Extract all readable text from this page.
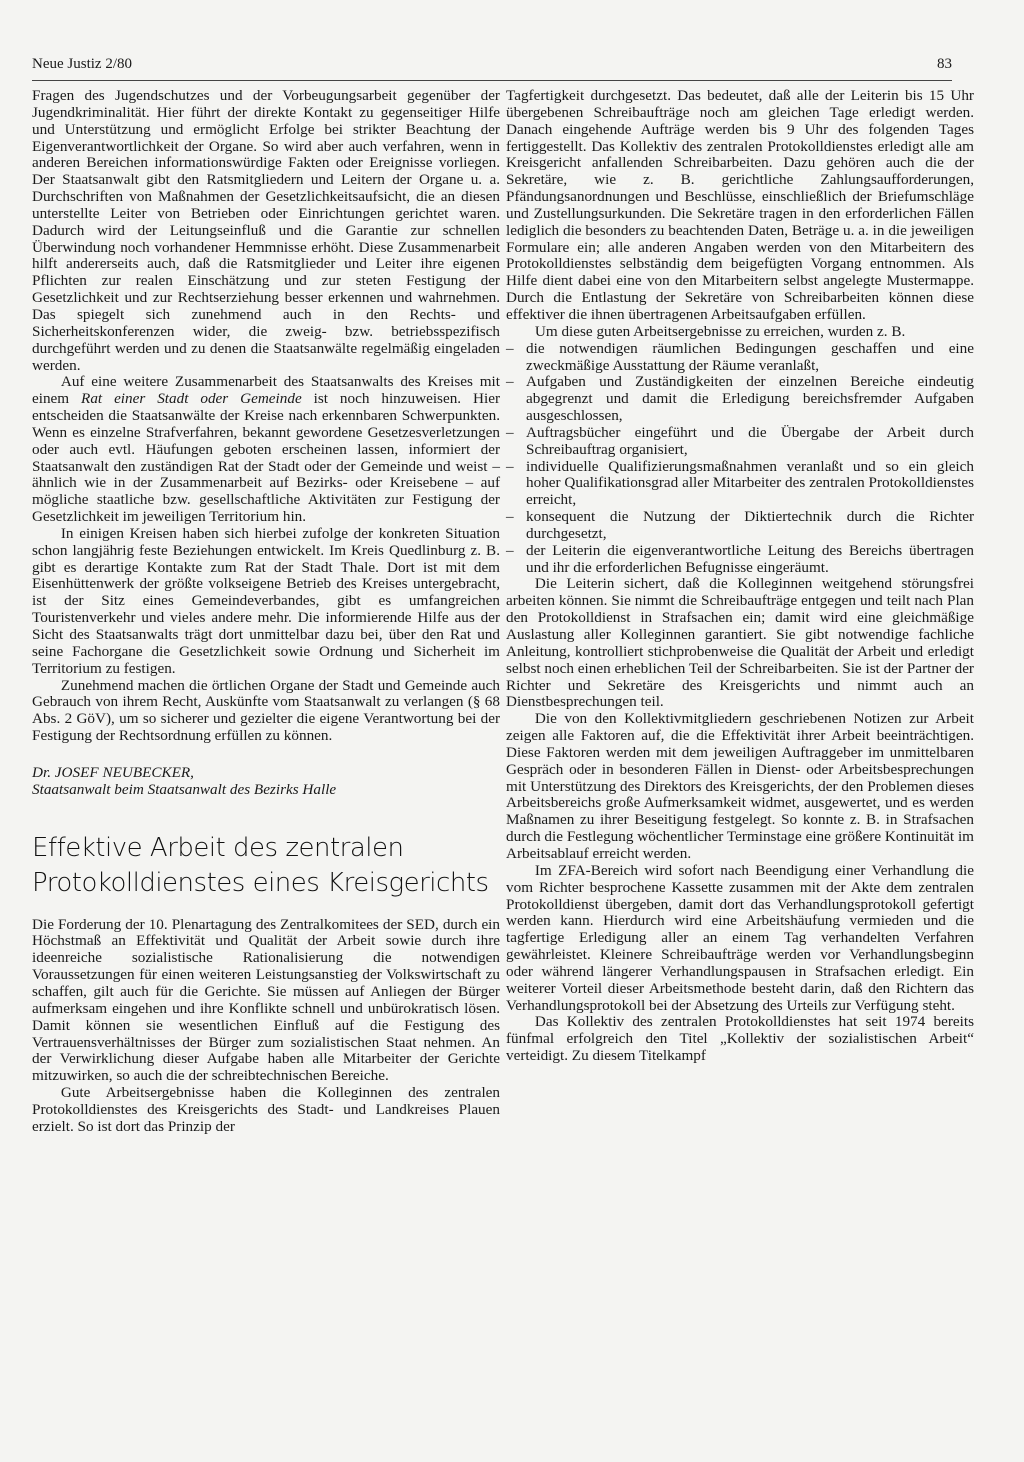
Neue Justiz 2/80	83

Fragen des Jugendschutzes und der Vorbeugungsarbeit gegenüber der Jugendkriminalität. Hier führt der direkte Kontakt zu gegenseitiger Hilfe und Unterstützung und ermöglicht Erfolge bei strikter Beachtung der Eigenverantwortlichkeit der Organe. So wird aber auch verfahren, wenn in anderen Bereichen informationswürdige Fakten oder Ereignisse vorliegen. Der Staatsanwalt gibt den Ratsmitgliedern und Leitern der Organe u. a. Durchschriften von Maßnahmen der Gesetzlichkeitsaufsicht, die an diesen unterstellte Leiter von Betrieben oder Einrichtungen gerichtet waren. Dadurch wird der Leitungseinfluß und die Garantie zur schnellen Überwindung noch vorhandener Hemmnisse erhöht. Diese Zusammenarbeit hilft andererseits auch, daß die Ratsmitglieder und Leiter ihre eigenen Pflichten zur realen Einschätzung und zur steten Festigung der Gesetzlichkeit und zur Rechtserziehung besser erkennen und wahrnehmen. Das spiegelt sich zunehmend auch in den Rechts- und Sicherheitskonferenzen wider, die zweig- bzw. betriebsspezifisch durchgeführt werden und zu denen die Staatsanwälte regelmäßig eingeladen werden.

Auf eine weitere Zusammenarbeit des Staatsanwalts des Kreises mit einem Rat einer Stadt oder Gemeinde ist noch hinzuweisen. Hier entscheiden die Staatsanwälte der Kreise nach erkennbaren Schwerpunkten. Wenn es einzelne Strafverfahren, bekannt gewordene Gesetzesverletzungen oder auch evtl. Häufungen geboten erscheinen lassen, informiert der Staatsanwalt den zuständigen Rat der Stadt oder der Gemeinde und weist – ähnlich wie in der Zusammenarbeit auf Bezirks- oder Kreisebene – auf mögliche staatliche bzw. gesellschaftliche Aktivitäten zur Festigung der Gesetzlichkeit im jeweiligen Territorium hin.

In einigen Kreisen haben sich hierbei zufolge der konkreten Situation schon langjährig feste Beziehungen entwickelt. Im Kreis Quedlinburg z. B. gibt es derartige Kontakte zum Rat der Stadt Thale. Dort ist mit dem Eisenhüttenwerk der größte volkseigene Betrieb des Kreises untergebracht, ist der Sitz eines Gemeindeverbandes, gibt es umfangreichen Touristenverkehr und vieles andere mehr. Die informierende Hilfe aus der Sicht des Staatsanwalts trägt dort unmittelbar dazu bei, über den Rat und seine Fachorgane die Gesetzlichkeit sowie Ordnung und Sicherheit im Territorium zu festigen.

Zunehmend machen die örtlichen Organe der Stadt und Gemeinde auch Gebrauch von ihrem Recht, Auskünfte vom Staatsanwalt zu verlangen (§ 68 Abs. 2 GöV), um so sicherer und gezielter die eigene Verantwortung bei der Festigung der Rechtsordnung erfüllen zu können.

Dr. JOSEF NEUBECKER,
Staatsanwalt beim Staatsanwalt des Bezirks Halle
Effektive Arbeit des zentralen
Protokolldienstes eines Kreisgerichts

Die Forderung der 10. Plenartagung des Zentralkomitees der SED, durch ein Höchstmaß an Effektivität und Qualität der Arbeit sowie durch ihre ideenreiche sozialistische Rationalisierung die notwendigen Voraussetzungen für einen weiteren Leistungsanstieg der Volkswirtschaft zu schaffen, gilt auch für die Gerichte. Sie müssen auf Anliegen der Bürger aufmerksam eingehen und ihre Konflikte schnell und unbürokratisch lösen. Damit können sie wesentlichen Einfluß auf die Festigung des Vertrauensverhältnisses der Bürger zum sozialistischen Staat nehmen. An der Verwirklichung dieser Aufgabe haben alle Mitarbeiter der Gerichte mitzuwirken, so auch die der schreibtechnischen Bereiche.

Gute Arbeitsergebnisse haben die Kolleginnen des zentralen Protokolldienstes des Kreisgerichts des Stadt- und Landkreises Plauen erzielt. So ist dort das Prinzip der

Tagfertigkeit durchgesetzt. Das bedeutet, daß alle der Leiterin bis 15 Uhr übergebenen Schreibaufträge noch am gleichen Tage erledigt werden. Danach eingehende Aufträge werden bis 9 Uhr des folgenden Tages fertiggestellt. Das Kollektiv des zentralen Protokolldienstes erledigt alle am Kreisgericht anfallenden Schreibarbeiten. Dazu gehören auch die der Sekretäre, wie z. B. gerichtliche Zahlungsaufforderungen, Pfändungsanordnungen und Beschlüsse, einschließlich der Briefumschläge und Zustellungsurkunden. Die Sekretäre tragen in den erforderlichen Fällen lediglich die besonders zu beachtenden Daten, Beträge u. a. in die jeweiligen Formulare ein; alle anderen Angaben werden von den Mitarbeitern des Protokolldienstes selbständig dem beigefügten Vorgang entnommen. Als Hilfe dient dabei eine von den Mitarbeitern selbst angelegte Mustermappe. Durch die Entlastung der Sekretäre von Schreibarbeiten können diese effektiver die ihnen übertragenen Arbeitsaufgaben erfüllen.

Um diese guten Arbeitsergebnisse zu erreichen, wurden z. B.

– die notwendigen räumlichen Bedingungen geschaffen und eine zweckmäßige Ausstattung der Räume veranlaßt,
– Aufgaben und Zuständigkeiten der einzelnen Bereiche eindeutig abgegrenzt und damit die Erledigung bereichsfremder Aufgaben ausgeschlossen,
– Auftragsbücher eingeführt und die Übergabe der Arbeit durch Schreibauftrag organisiert,
– individuelle Qualifizierungsmaßnahmen veranlaßt und so ein gleich hoher Qualifikationsgrad aller Mitarbeiter des zentralen Protokolldienstes erreicht,
– konsequent die Nutzung der Diktiertechnik durch die Richter durchgesetzt,
– der Leiterin die eigenverantwortliche Leitung des Bereichs übertragen und ihr die erforderlichen Befugnisse eingeräumt.

Die Leiterin sichert, daß die Kolleginnen weitgehend störungsfrei arbeiten können. Sie nimmt die Schreibaufträge entgegen und teilt nach Plan den Protokolldienst in Strafsachen ein; damit wird eine gleichmäßige Auslastung aller Kolleginnen garantiert. Sie gibt notwendige fachliche Anleitung, kontrolliert stichprobenweise die Qualität der Arbeit und erledigt selbst noch einen erheblichen Teil der Schreibarbeiten. Sie ist der Partner der Richter und Sekretäre des Kreisgerichts und nimmt auch an Dienstbesprechungen teil.

Die von den Kollektivmitgliedern geschriebenen Notizen zur Arbeit zeigen alle Faktoren auf, die die Effektivität ihrer Arbeit beeinträchtigen. Diese Faktoren werden mit dem jeweiligen Auftraggeber im unmittelbaren Gespräch oder in besonderen Fällen in Dienst- oder Arbeitsbesprechungen mit Unterstützung des Direktors des Kreisgerichts, der den Problemen dieses Arbeitsbereichs große Aufmerksamkeit widmet, ausgewertet, und es werden Maßnamen zu ihrer Beseitigung festgelegt. So konnte z. B. in Strafsachen durch die Festlegung wöchentlicher Terminstage eine größere Kontinuität im Arbeitsablauf erreicht werden.

Im ZFA-Bereich wird sofort nach Beendigung einer Verhandlung die vom Richter besprochene Kassette zusammen mit der Akte dem zentralen Protokolldienst übergeben, damit dort das Verhandlungsprotokoll gefertigt werden kann. Hierdurch wird eine Arbeitshäufung vermieden und die tagfertige Erledigung aller an einem Tag verhandelten Verfahren gewährleistet. Kleinere Schreibaufträge werden vor Verhandlungsbeginn oder während längerer Verhandlungspausen in Strafsachen erledigt. Ein weiterer Vorteil dieser Arbeitsmethode besteht darin, daß den Richtern das Verhandlungsprotokoll bei der Absetzung des Urteils zur Verfügung steht.

Das Kollektiv des zentralen Protokolldienstes hat seit 1974 bereits fünfmal erfolgreich den Titel „Kollektiv der sozialistischen Arbeit“ verteidigt. Zu diesem Titelkampf
